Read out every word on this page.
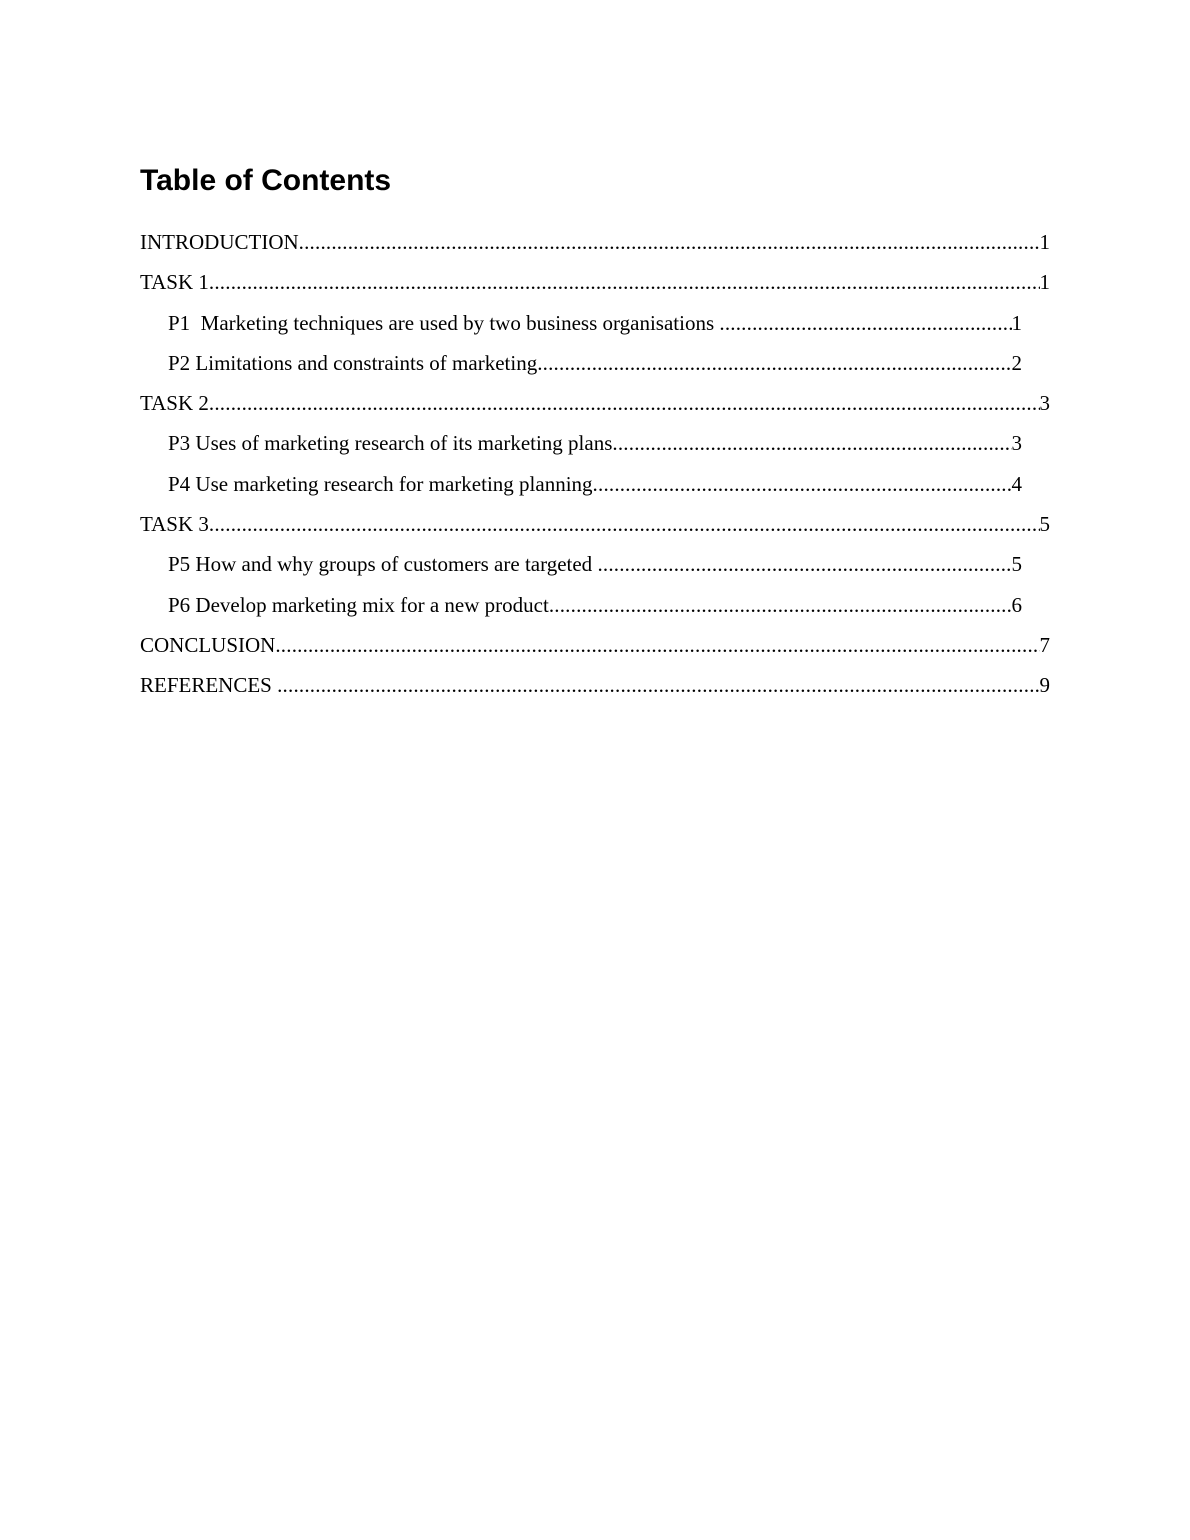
Table of Contents
INTRODUCTION .....	1
TASK 1 .....	1
P1  Marketing techniques are used by two business organisations .....	1
P2 Limitations and constraints of marketing .....	2
TASK 2 .....	3
P3 Uses of marketing research of its marketing plans .....	3
P4 Use marketing research for marketing planning .....	4
TASK 3 .....	5
P5 How and why groups of customers are targeted .....	5
P6 Develop marketing mix for a new product .....	6
CONCLUSION .....	7
REFERENCES .....	9
